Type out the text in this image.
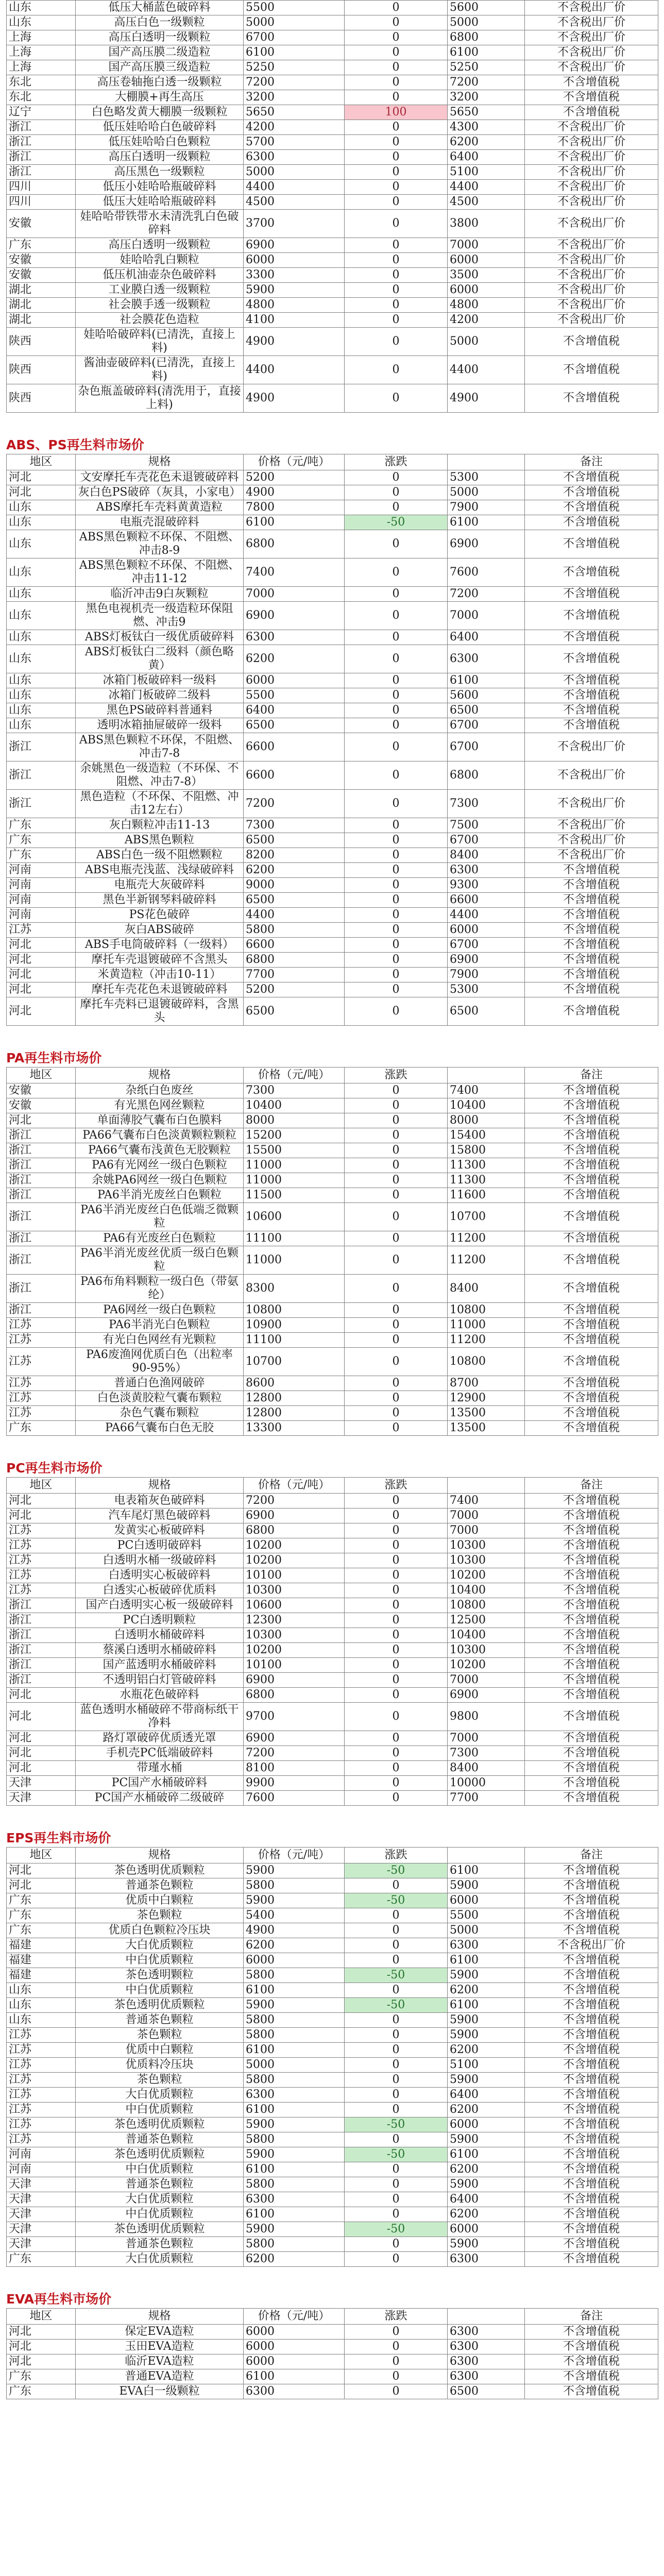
山东	低压大桶蓝色破碎料	5500	0	5600	不含税出厂价
山东	高压白色一级颗粒	5000	0	5000	不含税出厂价
上海	高压白透明一级颗粒	6700	0	6800	不含税出厂价
上海	国产高压膜二级造粒	6100	0	6100	不含税出厂价
上海	国产高压膜三级造粒	5250	0	5250	不含税出厂价
东北	高压卷轴拖白透一级颗粒	7200	0	7200	不含增值税
东北	大棚膜+再生高压	3200	0	3200	不含增值税
辽宁	白色略发黄大棚膜一级颗粒	5650	100	5650	不含增值税
浙江	低压娃哈哈白色破碎料	4200	0	4300	不含税出厂价
浙江	低压娃哈哈白色颗粒	5700	0	6200	不含税出厂价
浙江	高压白透明一级颗粒	6300	0	6400	不含税出厂价
浙江	高压黑色一级颗粒	5000	0	5100	不含税出厂价
四川	低压小娃哈哈瓶破碎料	4400	0	4400	不含税出厂价
四川	低压大娃哈哈瓶破碎料	4500	0	4500	不含税出厂价
安徽	娃哈哈带铁带水未清洗乳白色破碎料	3700	0	3800	不含税出厂价
广东	高压白透明一级颗粒	6900	0	7000	不含税出厂价
安徽	娃哈哈乳白颗粒	6000	0	6000	不含税出厂价
安徽	低压机油壶杂色破碎料	3300	0	3500	不含税出厂价
湖北	工业膜白透一级颗粒	5900	0	6000	不含税出厂价
湖北	社会膜手透一级颗粒	4800	0	4800	不含税出厂价
湖北	社会膜花色造粒	4100	0	4200	不含税出厂价
陕西	娃哈哈破碎料(已清洗，直接上料)	4900	0	5000	不含增值税
陕西	酱油壶破碎料(已清洗，直接上料)	4400	0	4400	不含增值税
陕西	杂色瓶盖破碎料(清洗用于，直接上料)	4900	0	4900	不含增值税
ABS、PS再生料市场价
地区	规格	价格（元/吨）	涨跌		备注
河北	文安摩托车壳花色未退镀破碎料	5200	0	5300	不含增值税
河北	灰白色PS破碎（灰具，小家电）	4900	0	5000	不含增值税
山东	ABS摩托车壳料黄黄造粒	7800	0	7900	不含增值税
山东	电瓶壳混破碎料	6100	-50	6100	不含增值税
山东	ABS黑色颗粒不环保、不阻燃、冲击8-9	6800	0	6900	不含增值税
山东	ABS黑色颗粒不环保、不阻燃、冲击11-12	7400	0	7600	不含增值税
山东	临沂冲击9白灰颗粒	7000	0	7200	不含增值税
山东	黑色电视机壳一级造粒环保阻燃、冲击9	6900	0	7000	不含增值税
山东	ABS灯板钛白一级优质破碎料	6300	0	6400	不含增值税
山东	ABS灯板钛白二级料（颜色略黄）	6200	0	6300	不含增值税
山东	冰箱门板破碎料一级料	6000	0	6100	不含增值税
山东	冰箱门板破碎二级料	5500	0	5600	不含增值税
山东	黑色PS破碎料普通料	6400	0	6500	不含增值税
山东	透明冰箱抽屉破碎一级料	6500	0	6700	不含增值税
浙江	ABS黑色颗粒不环保，不阻燃、冲击7-8	6600	0	6700	不含税出厂价
浙江	余姚黑色一级造粒（不环保、不阻燃、冲击7-8）	6600	0	6800	不含税出厂价
浙江	黑色造粒（不环保、不阻燃、冲击12左右）	7200	0	7300	不含税出厂价
广东	灰白颗粒冲击11-13	7300	0	7500	不含税出厂价
广东	ABS黑色颗粒	6500	0	6700	不含税出厂价
广东	ABS白色一级不阻燃颗粒	8200	0	8400	不含税出厂价
河南	ABS电瓶壳浅蓝、浅绿破碎料	6200	0	6300	不含增值税
河南	电瓶壳大灰破碎料	9000	0	9300	不含增值税
河南	黑色半新钢琴料破碎料	6500	0	6600	不含增值税
河南	PS花色破碎	4400	0	4400	不含增值税
江苏	灰白ABS破碎	5800	0	6000	不含增值税
河北	ABS手电筒破碎料（一级料）	6600	0	6700	不含增值税
河北	摩托车壳退镀破碎不含黑头	6800	0	6900	不含增值税
河北	米黄造粒（冲击10-11）	7700	0	7900	不含增值税
河北	摩托车壳花色未退镀破碎料	5200	0	5300	不含增值税
河北	摩托车壳料已退镀破碎料，含黑头	6500	0	6500	不含增值税
PA再生料市场价
地区	规格	价格（元/吨）	涨跌		备注
安徽	杂纸白色废丝	7300	0	7400	不含增值税
安徽	有光黑色网丝颗粒	10400	0	10400	不含增值税
河北	单面薄胶气囊布白色膜料	8000	0	8000	不含增值税
浙江	PA66气囊布白色淡黄颗粒颗粒	15200	0	15400	不含增值税
浙江	PA66气囊布浅黄色无胶颗粒	15500	0	15800	不含增值税
浙江	PA6有光网丝一级白色颗粒	11000	0	11300	不含增值税
浙江	余姚PA6网丝一级白色颗粒	11000	0	11300	不含增值税
浙江	PA6半消光废丝白色颗粒	11500	0	11600	不含增值税
浙江	PA6半消光废丝白色低端乏微颗粒	10600	0	10700	不含增值税
浙江	PA6有光废丝白色颗粒	11100	0	11200	不含增值税
浙江	PA6半消光废丝优质一级白色颗粒	11000	0	11200	不含增值税
浙江	PA6布角料颗粒一级白色（带氨纶）	8300	0	8400	不含增值税
浙江	PA6网丝一级白色颗粒	10800	0	10800	不含增值税
江苏	PA6半消光白色颗粒	10900	0	11000	不含增值税
江苏	有光白色网丝有光颗粒	11100	0	11200	不含增值税
江苏	PA6废渔网优质白色（出粒率90-95%）	10700	0	10800	不含增值税
江苏	普通白色渔网破碎	8600	0	8700	不含增值税
江苏	白色淡黄胶粒气囊布颗粒	12800	0	12900	不含增值税
江苏	杂色气囊布颗粒	12800	0	13500	不含增值税
广东	PA66气囊布白色无胶	13300	0	13500	不含增值税
PC再生料市场价
地区	规格	价格（元/吨）	涨跌		备注
河北	电表箱灰色破碎料	7200	0	7400	不含增值税
河北	汽车尾灯黑色破碎料	6900	0	7000	不含增值税
江苏	发黄实心板破碎料	6800	0	7000	不含增值税
江苏	PC白透明破碎料	10200	0	10300	不含增值税
江苏	白透明水桶一级破碎料	10200	0	10300	不含增值税
江苏	白透明实心板破碎料	10100	0	10200	不含增值税
江苏	白透实心板破碎优质料	10300	0	10400	不含增值税
浙江	国产白透明实心板一级破碎料	10600	0	10800	不含增值税
浙江	PC白透明颗粒	12300	0	12500	不含增值税
浙江	白透明水桶破碎料	10300	0	10400	不含增值税
浙江	蔡溪白透明水桶破碎料	10200	0	10300	不含增值税
浙江	国产蓝透明水桶破碎料	10100	0	10200	不含增值税
浙江	不透明铝白灯管破碎料	6900	0	7000	不含增值税
河北	水瓶花色破碎料	6800	0	6900	不含增值税
河北	蓝色透明水桶破碎不带商标纸干净料	9700	0	9800	不含增值税
河北	路灯罩破碎优质透光罩	6900	0	7000	不含增值税
河北	手机壳PC低端破碎料	7200	0	7300	不含增值税
河北	带瑾水桶	8100	0	8400	不含增值税
天津	PC国产水桶破碎料	9900	0	10000	不含增值税
天津	PC国产水桶破碎二级破碎	7600	0	7700	不含增值税
EPS再生料市场价
地区	规格	价格（元/吨）	涨跌		备注
河北	茶色透明优质颗粒	5900	-50	6100	不含增值税
河北	普通茶色颗粒	5800	0	5900	不含增值税
广东	优质中白颗粒	5900	-50	6000	不含增值税
广东	茶色颗粒	5400	0	5500	不含增值税
广东	优质白色颗粒冷压块	4900	0	5000	不含增值税
福建	大白优质颗粒	6200	0	6300	不含税出厂价
福建	中白优质颗粒	6000	0	6100	不含增值税
福建	茶色透明颗粒	5800	-50	5900	不含增值税
山东	中白优质颗粒	6100	0	6200	不含增值税
山东	茶色透明优质颗粒	5900	-50	6100	不含增值税
山东	普通茶色颗粒	5800	0	5900	不含增值税
江苏	茶色颗粒	5800	0	5900	不含增值税
江苏	优质中白颗粒	6100	0	6200	不含增值税
江苏	优质料冷压块	5000	0	5100	不含增值税
江苏	茶色颗粒	5800	0	5900	不含增值税
江苏	大白优质颗粒	6300	0	6400	不含增值税
江苏	中白优质颗粒	6100	0	6200	不含增值税
江苏	茶色透明优质颗粒	5900	-50	6000	不含增值税
江苏	普通茶色颗粒	5800	0	5900	不含增值税
河南	茶色透明优质颗粒	5900	-50	6100	不含增值税
河南	中白优质颗粒	6100	0	6200	不含增值税
天津	普通茶色颗粒	5800	0	5900	不含增值税
天津	大白优质颗粒	6300	0	6400	不含增值税
天津	中白优质颗粒	6100	0	6200	不含增值税
天津	茶色透明优质颗粒	5900	-50	6000	不含增值税
天津	普通茶色颗粒	5800	0	5900	不含增值税
广东	大白优质颗粒	6200	0	6300	不含增值税
EVA再生料市场价
地区	规格	价格（元/吨）	涨跌		备注
河北	保定EVA造粒	6000	0	6300	不含增值税
河北	玉田EVA造粒	6000	0	6300	不含增值税
河北	临沂EVA造粒	6000	0	6300	不含增值税
广东	普通EVA造粒	6100	0	6300	不含增值税
广东	EVA白一级颗粒	6300	0	6500	不含增值税
